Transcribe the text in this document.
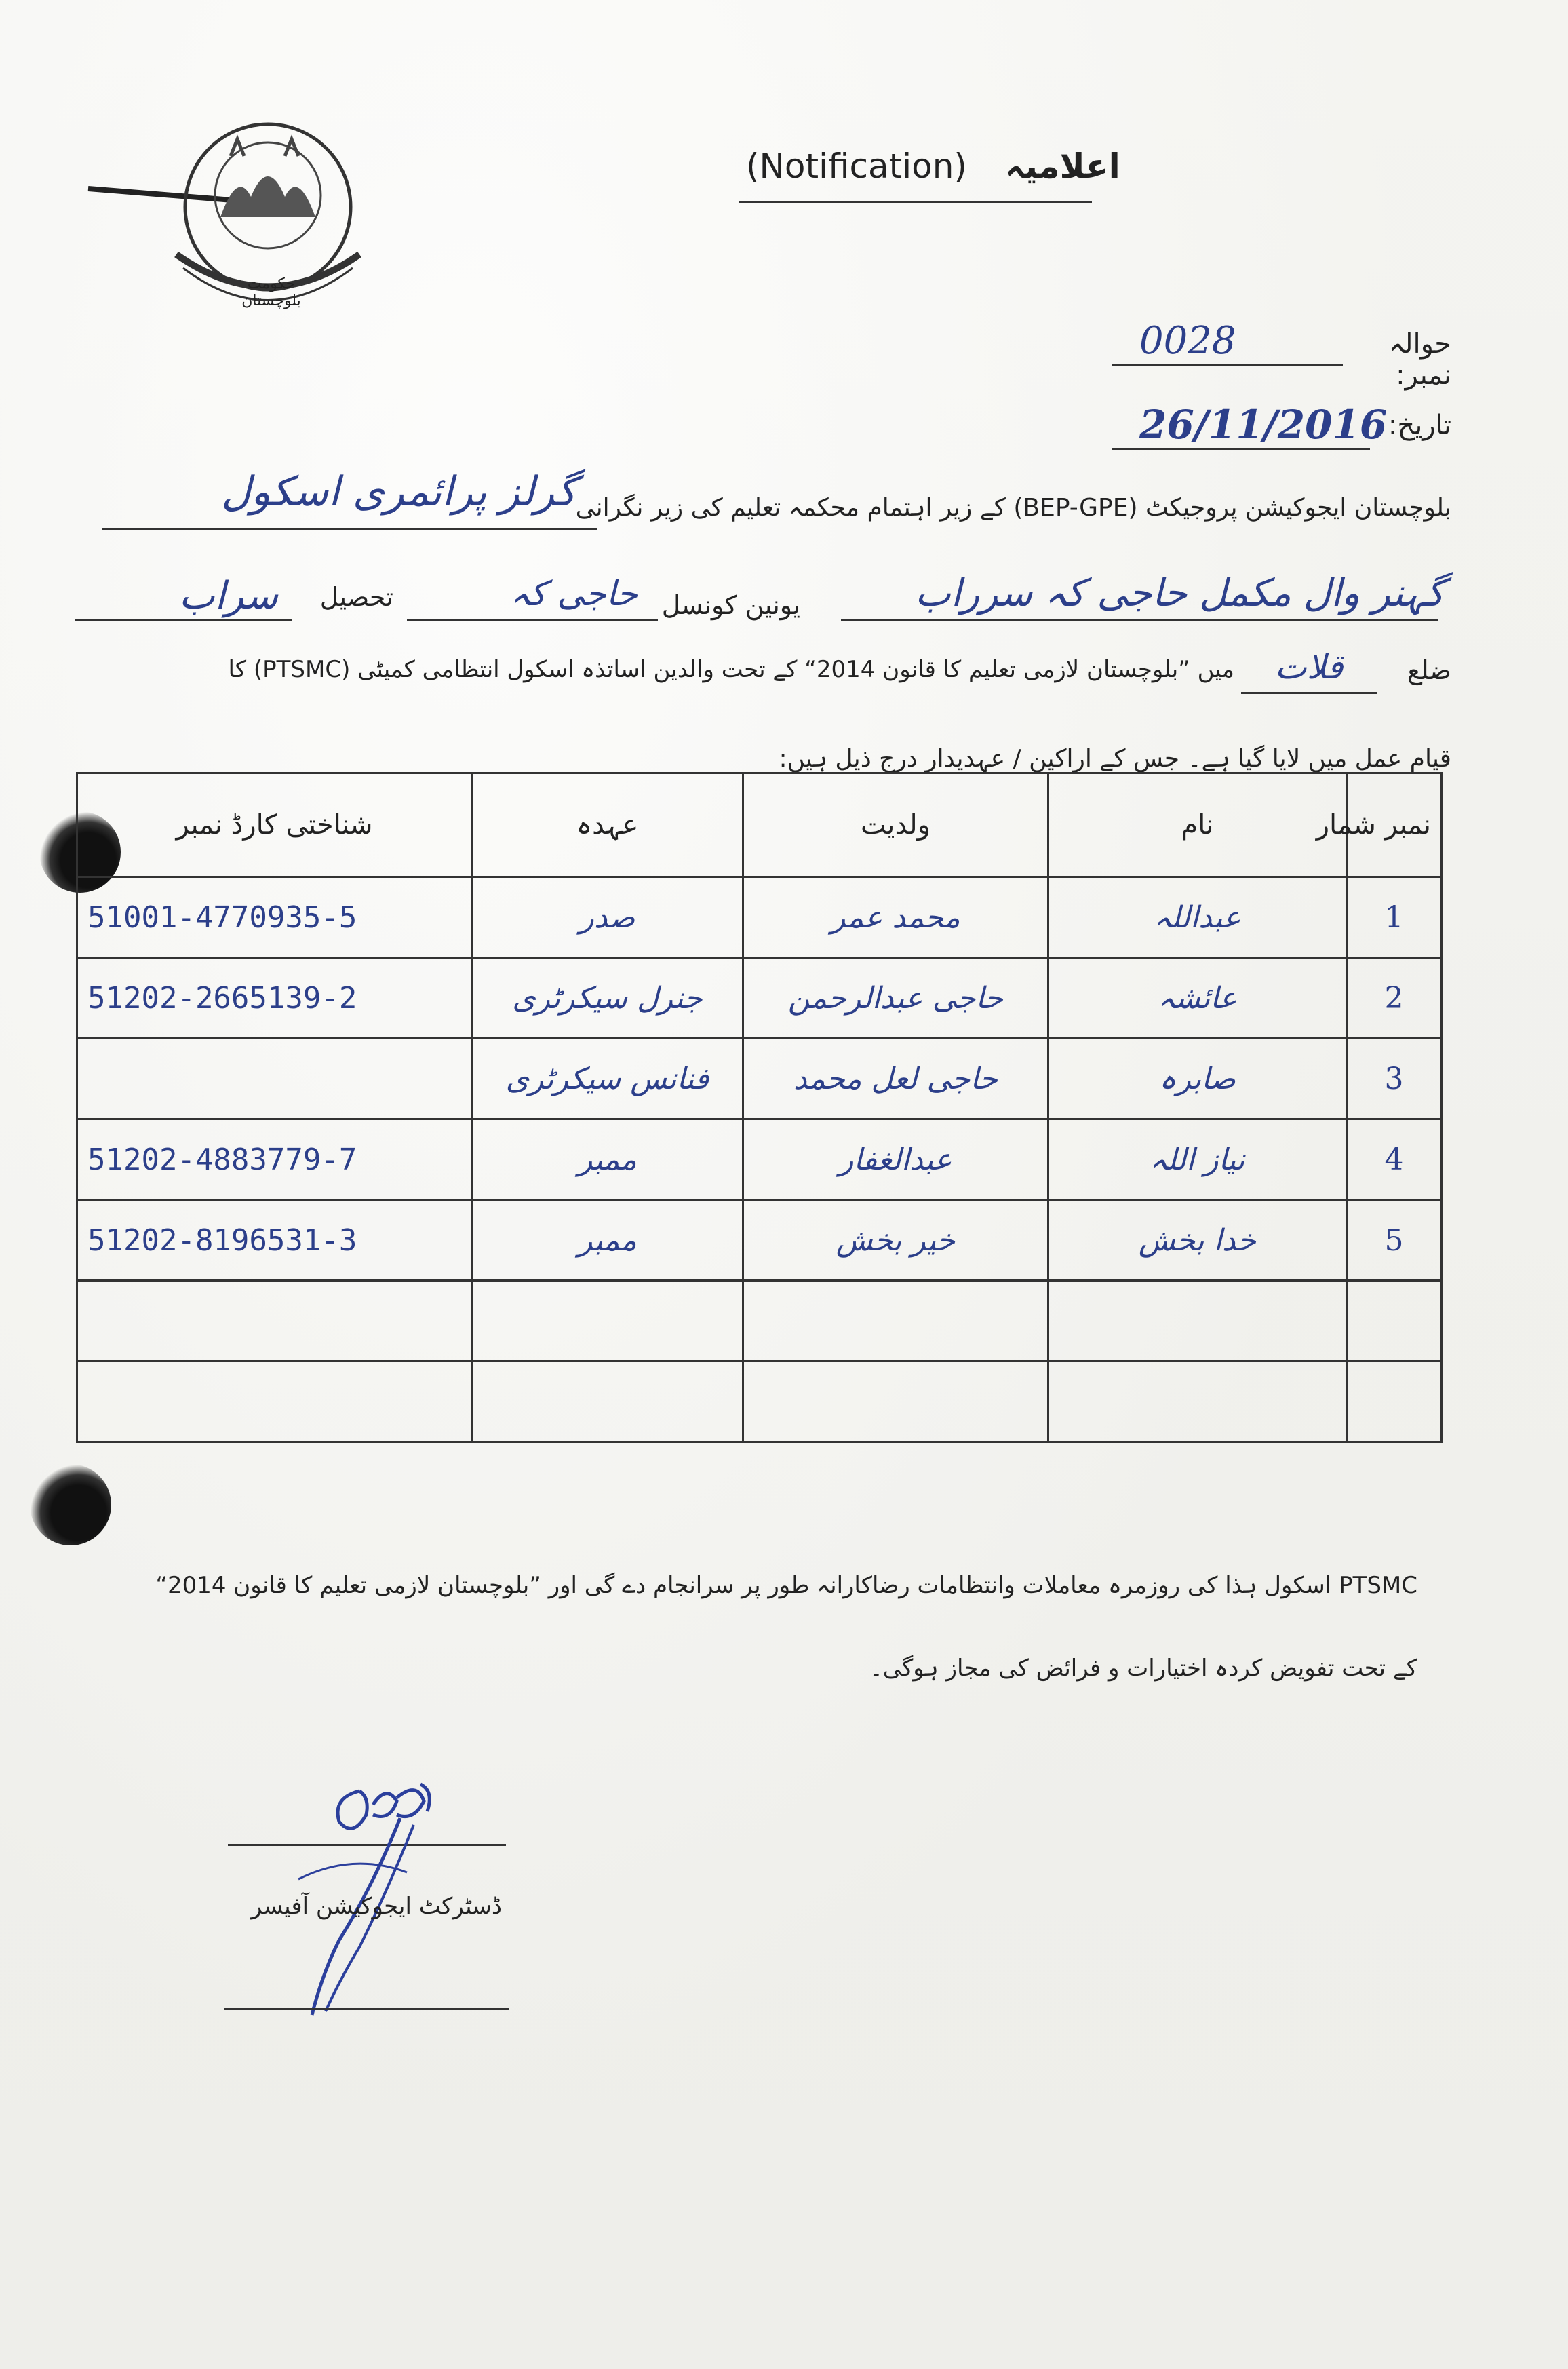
حکومت بلوچستان
(Notification) اعلامیہ
حوالہ نمبر:
0028
تاریخ:
26/11/2016
بلوچستان ایجوکیشن پروجیکٹ (BEP-GPE) کے زیر اہتمام محکمہ تعلیم کی زیر نگرانی
گرلز پرائمری اسکول
گہنر وال مکمل حاجی کہ سرراب
یونین کونسل
حاجی کہ
تحصیل
سراب
ضلع
قلات
میں ”بلوچستان لازمی تعلیم کا قانون 2014“ کے تحت والدین اساتذہ اسکول انتظامی کمیٹی (PTSMC) کا
قیام عمل میں لایا گیا ہے۔ جس کے اراکین / عہدیدار درج ذیل ہیں:
نمبر شمار	نام	ولدیت	عہدہ	شناختی کارڈ نمبر
1	عبداللہ	محمد عمر	صدر	51001-4770935-5
2	عائشہ	حاجی عبدالرحمن	جنرل سیکرٹری	51202-2665139-2
3	صابرہ	حاجی لعل محمد	فنانس سیکرٹری	
4	نیاز اللہ	عبدالغفار	ممبر	51202-4883779-7
5	خدا بخش	خیر بخش	ممبر	51202-8196531-3

PTSMC اسکول ہذا کی روزمرہ معاملات وانتظامات رضاکارانہ طور پر سرانجام دے گی اور ”بلوچستان لازمی تعلیم کا قانون 2014“
کے تحت تفویض کردہ اختیارات و فرائض کی مجاز ہوگی۔
ڈسٹرکٹ ایجوکیشن آفیسر
